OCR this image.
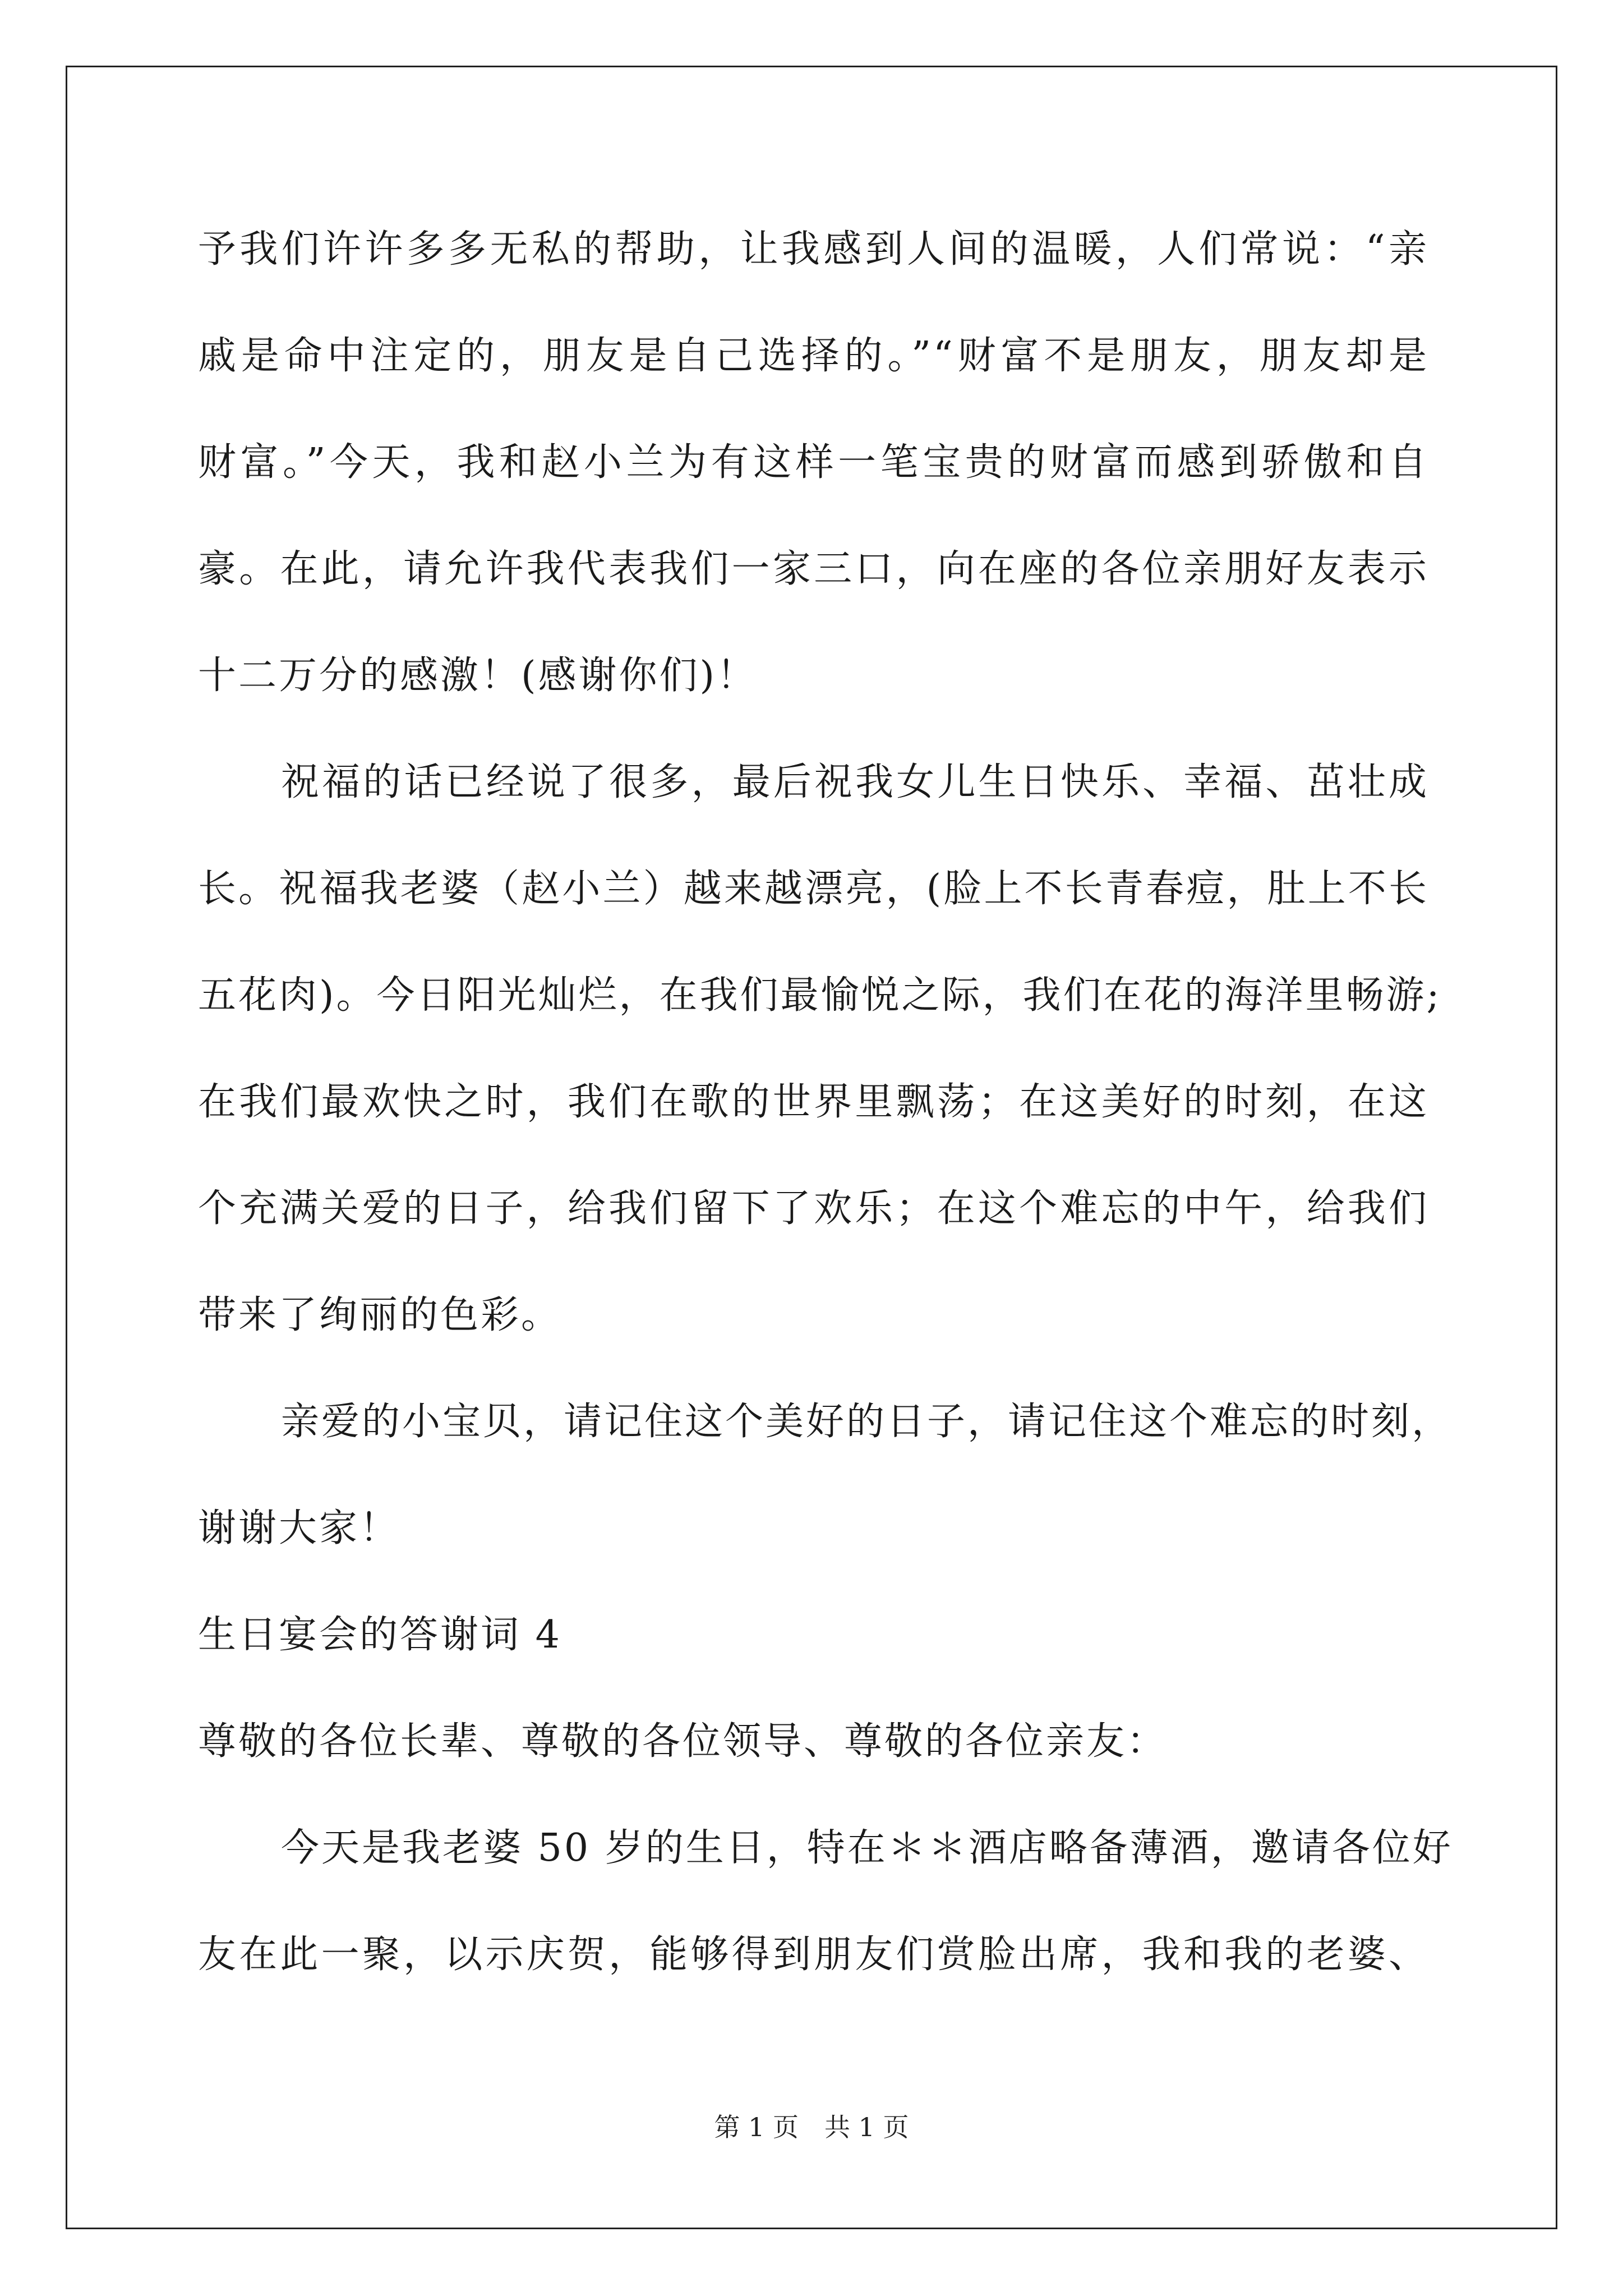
予我们许许多多无私的帮助，让我感到人间的温暖，人们常说：“亲
戚是命中注定的，朋友是自己选择的。”“财富不是朋友，朋友却是
财富。”今天，我和赵小兰为有这样一笔宝贵的财富而感到骄傲和自
豪。在此，请允许我代表我们一家三口，向在座的各位亲朋好友表示
十二万分的感激！(感谢你们)！
祝福的话已经说了很多，最后祝我女儿生日快乐、幸福、茁壮成
长。祝福我老婆（赵小兰）越来越漂亮，(脸上不长青春痘，肚上不长
五花肉)。今日阳光灿烂，在我们最愉悦之际，我们在花的海洋里畅游;
在我们最欢快之时，我们在歌的世界里飘荡；在这美好的时刻，在这
个充满关爱的日子，给我们留下了欢乐；在这个难忘的中午，给我们
带来了绚丽的色彩。
亲爱的小宝贝，请记住这个美好的日子，请记住这个难忘的时刻，
谢谢大家！
生日宴会的答谢词 4
尊敬的各位长辈、尊敬的各位领导、尊敬的各位亲友：
今天是我老婆 50 岁的生日，特在＊＊酒店略备薄酒，邀请各位好
友在此一聚，以示庆贺，能够得到朋友们赏脸出席，我和我的老婆、
第 1 页　共 1 页
